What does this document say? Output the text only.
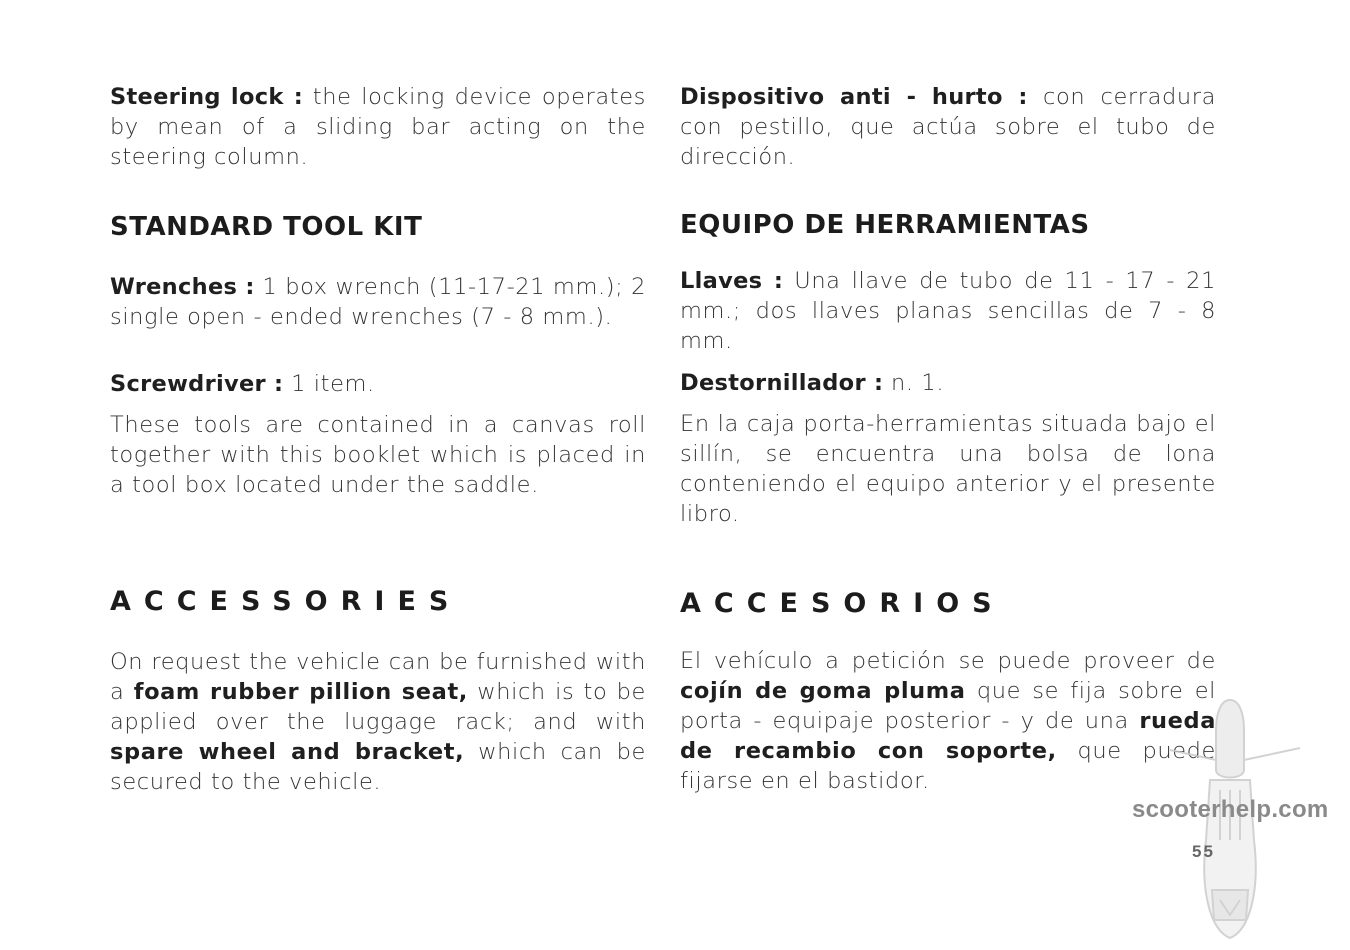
Steering lock : the locking device operates by mean of a sliding bar acting on the steering column.

STANDARD TOOL KIT

Wrenches : 1 box wrench (11-17-21 mm.); 2 single open - ended wrenches (7 - 8 mm.).

Screwdriver : 1 item.

These tools are contained in a canvas roll together with this booklet which is placed in a tool box located under the saddle.

ACCESSORIES

On request the vehicle can be furnished with a foam rubber pillion seat, which is to be applied over the luggage rack; and with spare wheel and bracket, which can be secured to the vehicle.

Dispositivo anti - hurto : con cerradura con pestillo, que actúa sobre el tubo de dirección.

EQUIPO DE HERRAMIENTAS

Llaves : Una llave de tubo de 11 - 17 - 21 mm.; dos llaves planas sencillas de 7 - 8 mm.

Destornillador : n. 1.

En la caja porta-herramientas situada bajo el sillín, se encuentra una bolsa de lona conteniendo el equipo anterior y el presente libro.

ACCESORIOS

El vehículo a petición se puede proveer de cojín de goma pluma que se fija sobre el porta - equipaje posterior - y de una rueda de recambio con soporte, que puede fijarse en el bastidor.

scooterhelp.com
55
